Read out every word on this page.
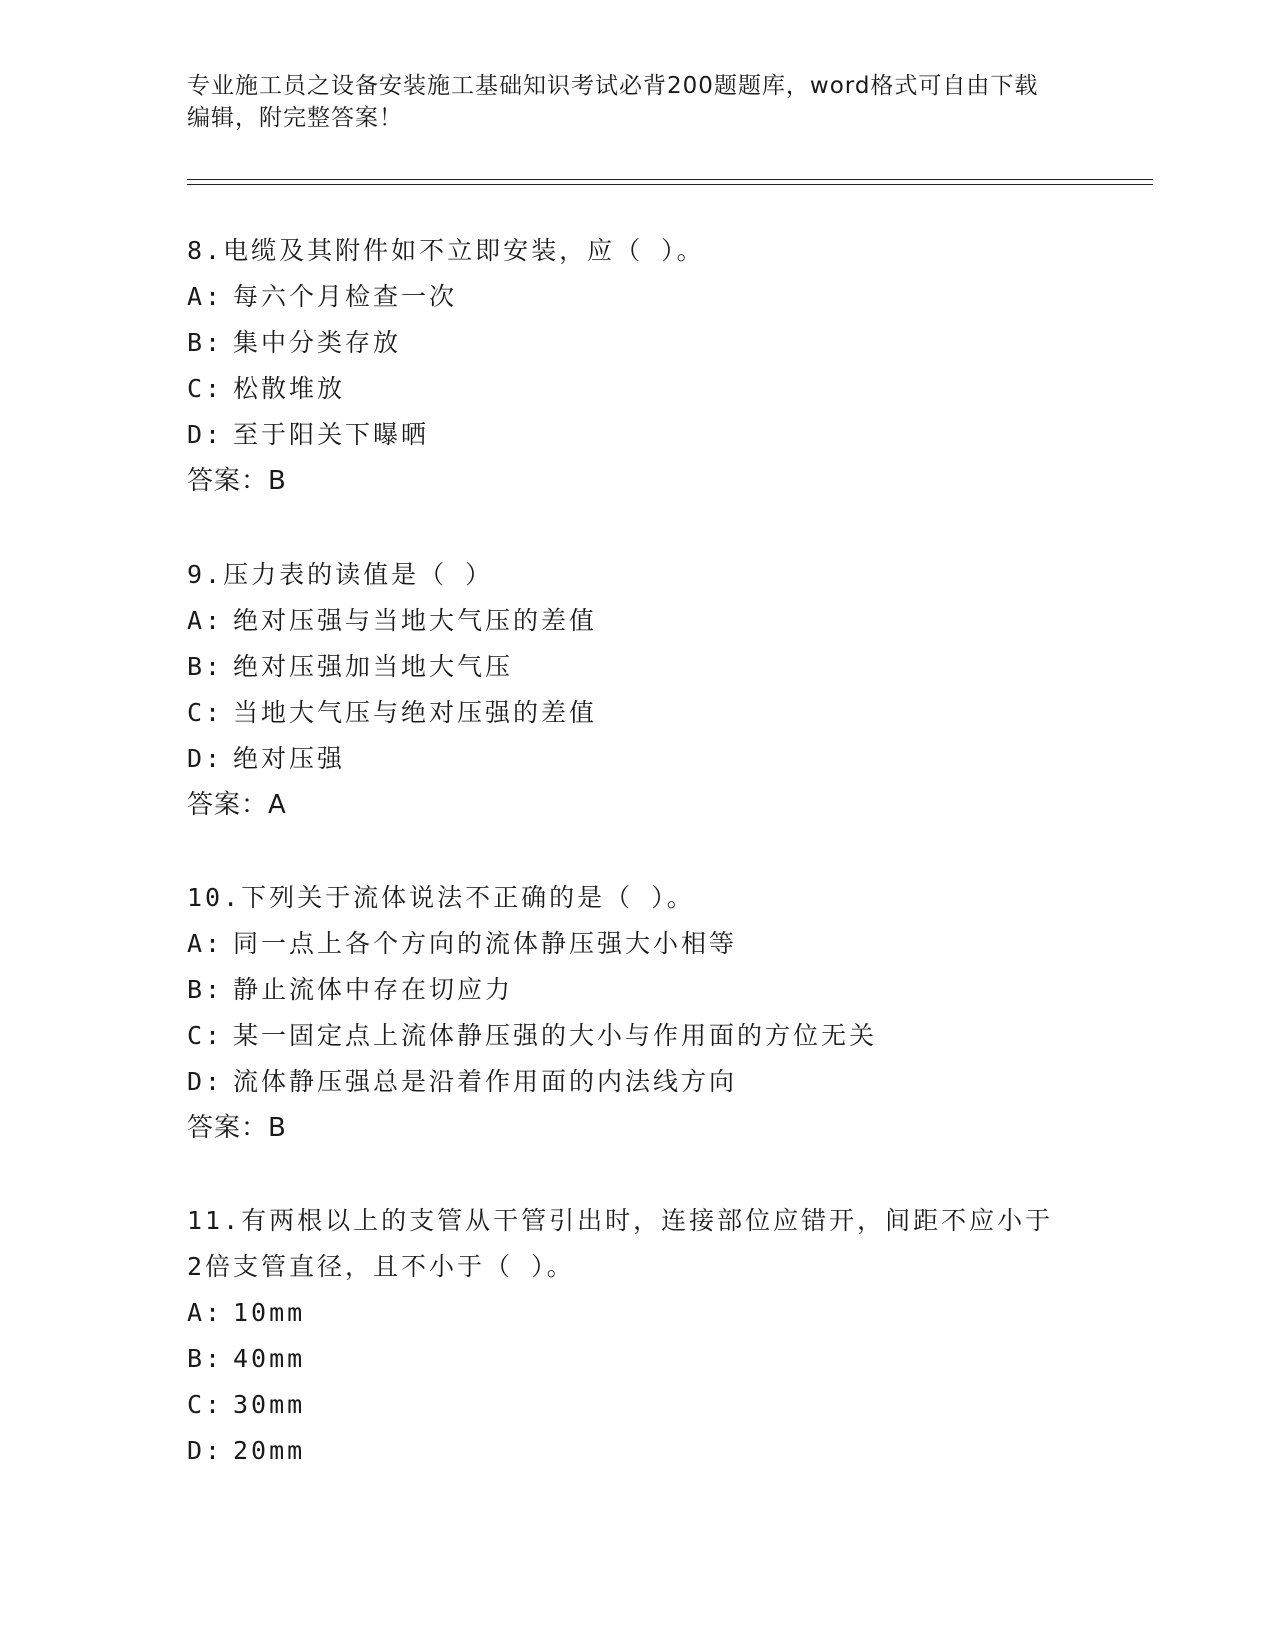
专业施工员之设备安装施工基础知识考试必背200题题库，word格式可自由下载
编辑，附完整答案！
8.电缆及其附件如不立即安装，应（ ）。
A: 每六个月检查一次
B: 集中分类存放
C: 松散堆放
D: 至于阳关下曝晒
答案：B
9.压力表的读值是（ ）
A: 绝对压强与当地大气压的差值
B: 绝对压强加当地大气压
C: 当地大气压与绝对压强的差值
D: 绝对压强
答案：A
10.下列关于流体说法不正确的是（ ）。
A: 同一点上各个方向的流体静压强大小相等
B: 静止流体中存在切应力
C: 某一固定点上流体静压强的大小与作用面的方位无关
D: 流体静压强总是沿着作用面的内法线方向
答案：B
11.有两根以上的支管从干管引出时，连接部位应错开，间距不应小于
2倍支管直径，且不小于（ ）。
A: 10mm
B: 40mm
C: 30mm
D: 20mm
